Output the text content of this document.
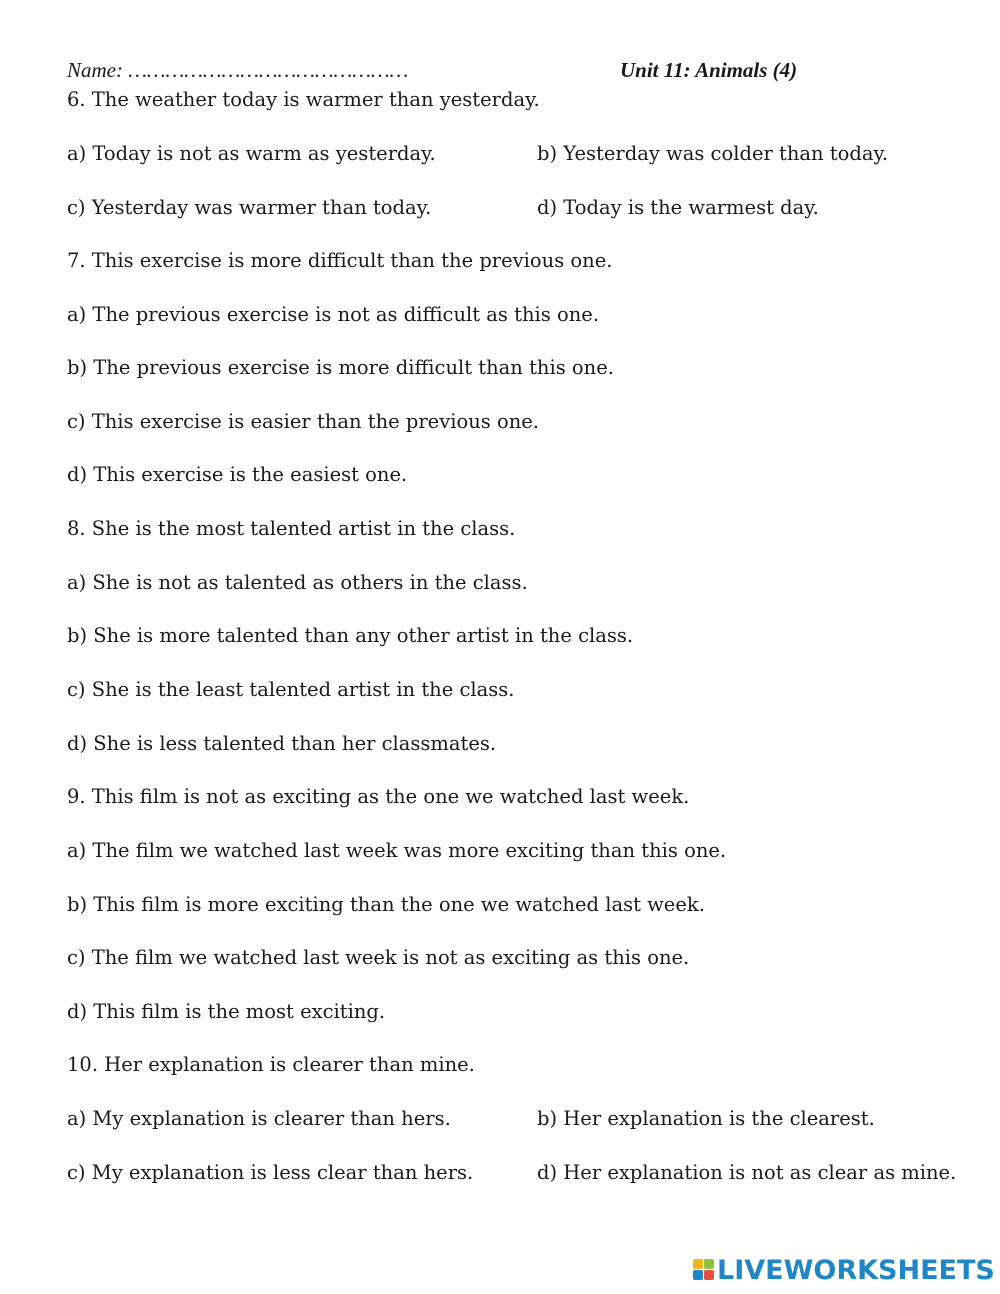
Name: ………………………………………	Unit 11: Animals (4)
6. The weather today is warmer than yesterday.
a) Today is not as warm as yesterday.	b) Yesterday was colder than today.
c) Yesterday was warmer than today.	d) Today is the warmest day.
7. This exercise is more difficult than the previous one.
a) The previous exercise is not as difficult as this one.
b) The previous exercise is more difficult than this one.
c) This exercise is easier than the previous one.
d) This exercise is the easiest one.
8. She is the most talented artist in the class.
a) She is not as talented as others in the class.
b) She is more talented than any other artist in the class.
c) She is the least talented artist in the class.
d) She is less talented than her classmates.
9. This film is not as exciting as the one we watched last week.
a) The film we watched last week was more exciting than this one.
b) This film is more exciting than the one we watched last week.
c) The film we watched last week is not as exciting as this one.
d) This film is the most exciting.
10. Her explanation is clearer than mine.
a) My explanation is clearer than hers.	b) Her explanation is the clearest.
c) My explanation is less clear than hers.	d) Her explanation is not as clear as mine.
LIVEWORKSHEETS
